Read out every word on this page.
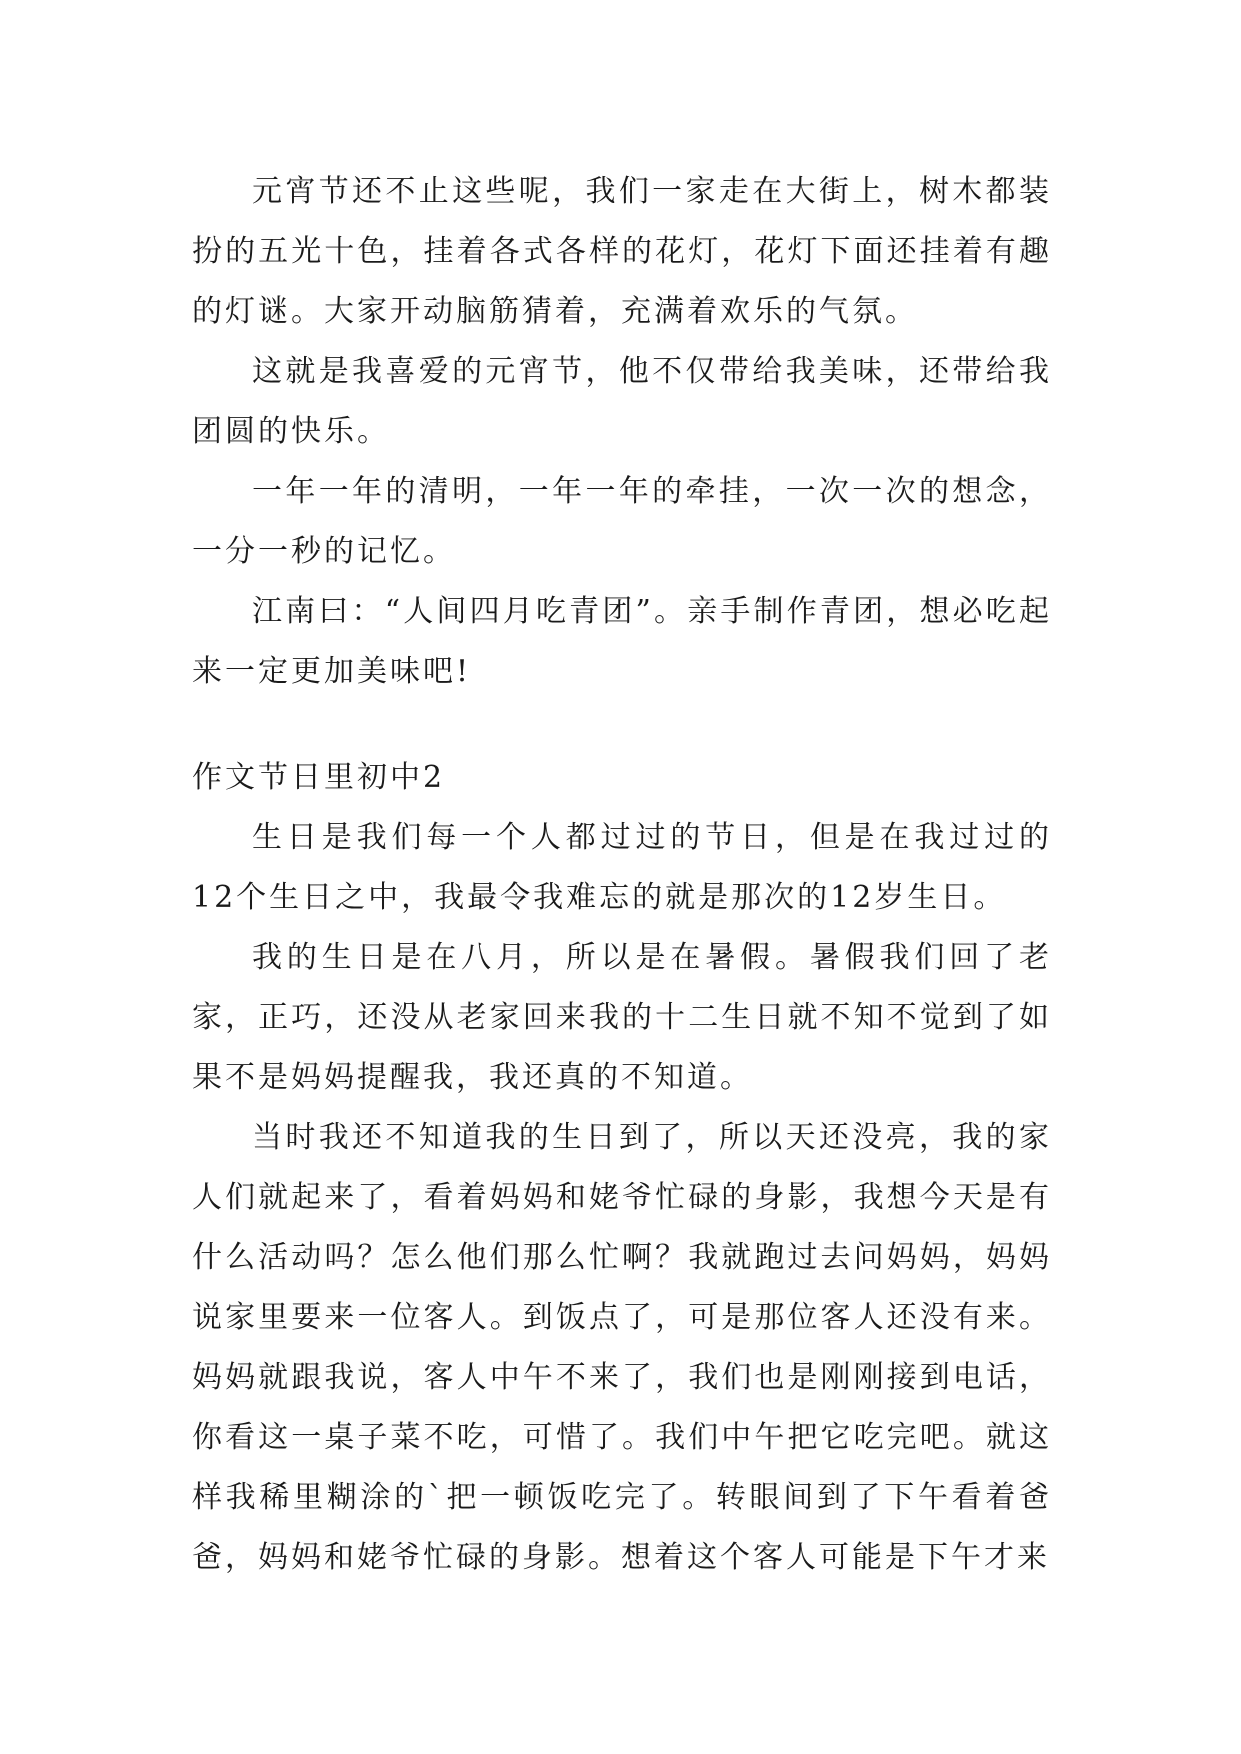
元宵节还不止这些呢，我们一家走在大街上，树木都装扮的五光十色，挂着各式各样的花灯，花灯下面还挂着有趣的灯谜。大家开动脑筋猜着，充满着欢乐的气氛。

这就是我喜爱的元宵节，他不仅带给我美味，还带给我团圆的快乐。

一年一年的清明，一年一年的牵挂，一次一次的想念，一分一秒的记忆。

江南曰：“人间四月吃青团”。亲手制作青团，想必吃起来一定更加美味吧!

作文节日里初中2

生日是我们每一个人都过过的节日，但是在我过过的12个生日之中，我最令我难忘的就是那次的12岁生日。

我的生日是在八月，所以是在暑假。暑假我们回了老家，正巧，还没从老家回来我的十二生日就不知不觉到了如果不是妈妈提醒我，我还真的不知道。

当时我还不知道我的生日到了，所以天还没亮，我的家人们就起来了，看着妈妈和姥爷忙碌的身影，我想今天是有什么活动吗？怎么他们那么忙啊？我就跑过去问妈妈，妈妈说家里要来一位客人。到饭点了，可是那位客人还没有来。妈妈就跟我说，客人中午不来了，我们也是刚刚接到电话，你看这一桌子菜不吃，可惜了。我们中午把它吃完吧。就这样我稀里糊涂的`把一顿饭吃完了。转眼间到了下午看着爸爸，妈妈和姥爷忙碌的身影。想着这个客人可能是下午才来
